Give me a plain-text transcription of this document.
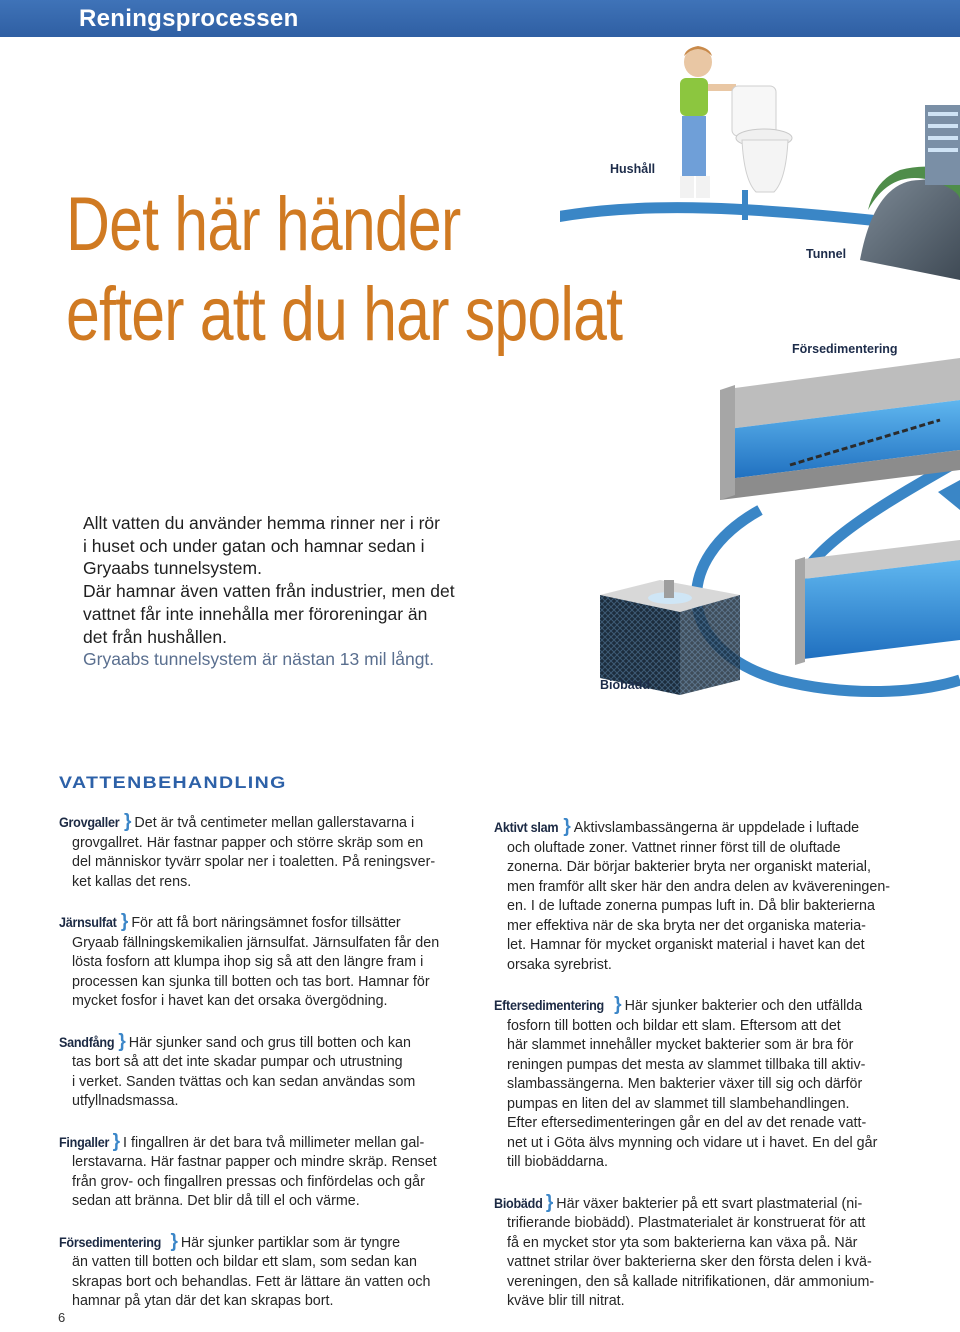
Reningsprocessen
Det här händer
efter att du har spolat
Allt vatten du använder hemma rinner ner i rör
i huset och under gatan och hamnar sedan i
Gryaabs tunnelsystem.
Där hamnar även vatten från industrier, men det
vattnet får inte innehålla mer föroreningar än
det från hushållen.
Gryaabs tunnelsystem är nästan 13 mil långt.
Hushåll
Tunnel
Försedimentering
Biobädd
VATTENBEHANDLING
Grovgaller } Det är två centimeter mellan gallerstavarna i
grovgallret. Här fastnar papper och större skräp som en
del människor tyvärr spolar ner i toaletten. På reningsver-
ket kallas det rens.
Järnsulfat } För att få bort näringsämnet fosfor tillsätter
Gryaab fällningskemikalien järnsulfat. Järnsulfaten får den
lösta fosforn att klumpa ihop sig så att den längre fram i
processen kan sjunka till botten och tas bort. Hamnar för
mycket fosfor i havet kan det orsaka övergödning.
Sandfång } Här sjunker sand och grus till botten och kan
tas bort så att det inte skadar pumpar och utrustning
i verket. Sanden tvättas och kan sedan användas som
utfyllnadsmassa.
Fingaller } I fingallren är det bara två millimeter mellan gal-
lerstavarna. Här fastnar papper och mindre skräp. Renset
från grov- och fingallren pressas och finfördelas och går
sedan att bränna. Det blir då till el och värme.
Försedimentering } Här sjunker partiklar som är tyngre
än vatten till botten och bildar ett slam, som sedan kan
skrapas bort och behandlas. Fett är lättare än vatten och
hamnar på ytan där det kan skrapas bort.
Aktivt slam } Aktivslambassängerna är uppdelade i luftade
och oluftade zoner. Vattnet rinner först till de oluftade
zonerna. Där börjar bakterier bryta ner organiskt material,
men framför allt sker här den andra delen av kvävereningen-
en. I de luftade zonerna pumpas luft in. Då blir bakterierna
mer effektiva när de ska bryta ner det organiska materia-
let. Hamnar för mycket organiskt material i havet kan det
orsaka syrebrist.
Eftersedimentering } Här sjunker bakterier och den utfällda
fosforn till botten och bildar ett slam. Eftersom att det
här slammet innehåller mycket bakterier som är bra för
reningen pumpas det mesta av slammet tillbaka till aktiv-
slambassängerna. Men bakterier växer till sig och därför
pumpas en liten del av slammet till slambehandlingen.
Efter eftersedimenteringen går en del av det renade vatt-
net ut i Göta älvs mynning och vidare ut i havet. En del går
till biobäddarna.
Biobädd } Här växer bakterier på ett svart plastmaterial (ni-
trifierande biobädd). Plastmaterialet är konstruerat för att
få en mycket stor yta som bakterierna kan växa på. När
vattnet strilar över bakterierna sker den första delen i kvä-
vereningen, den så kallade nitrifikationen, där ammonium-
kväve blir till nitrat.
6
